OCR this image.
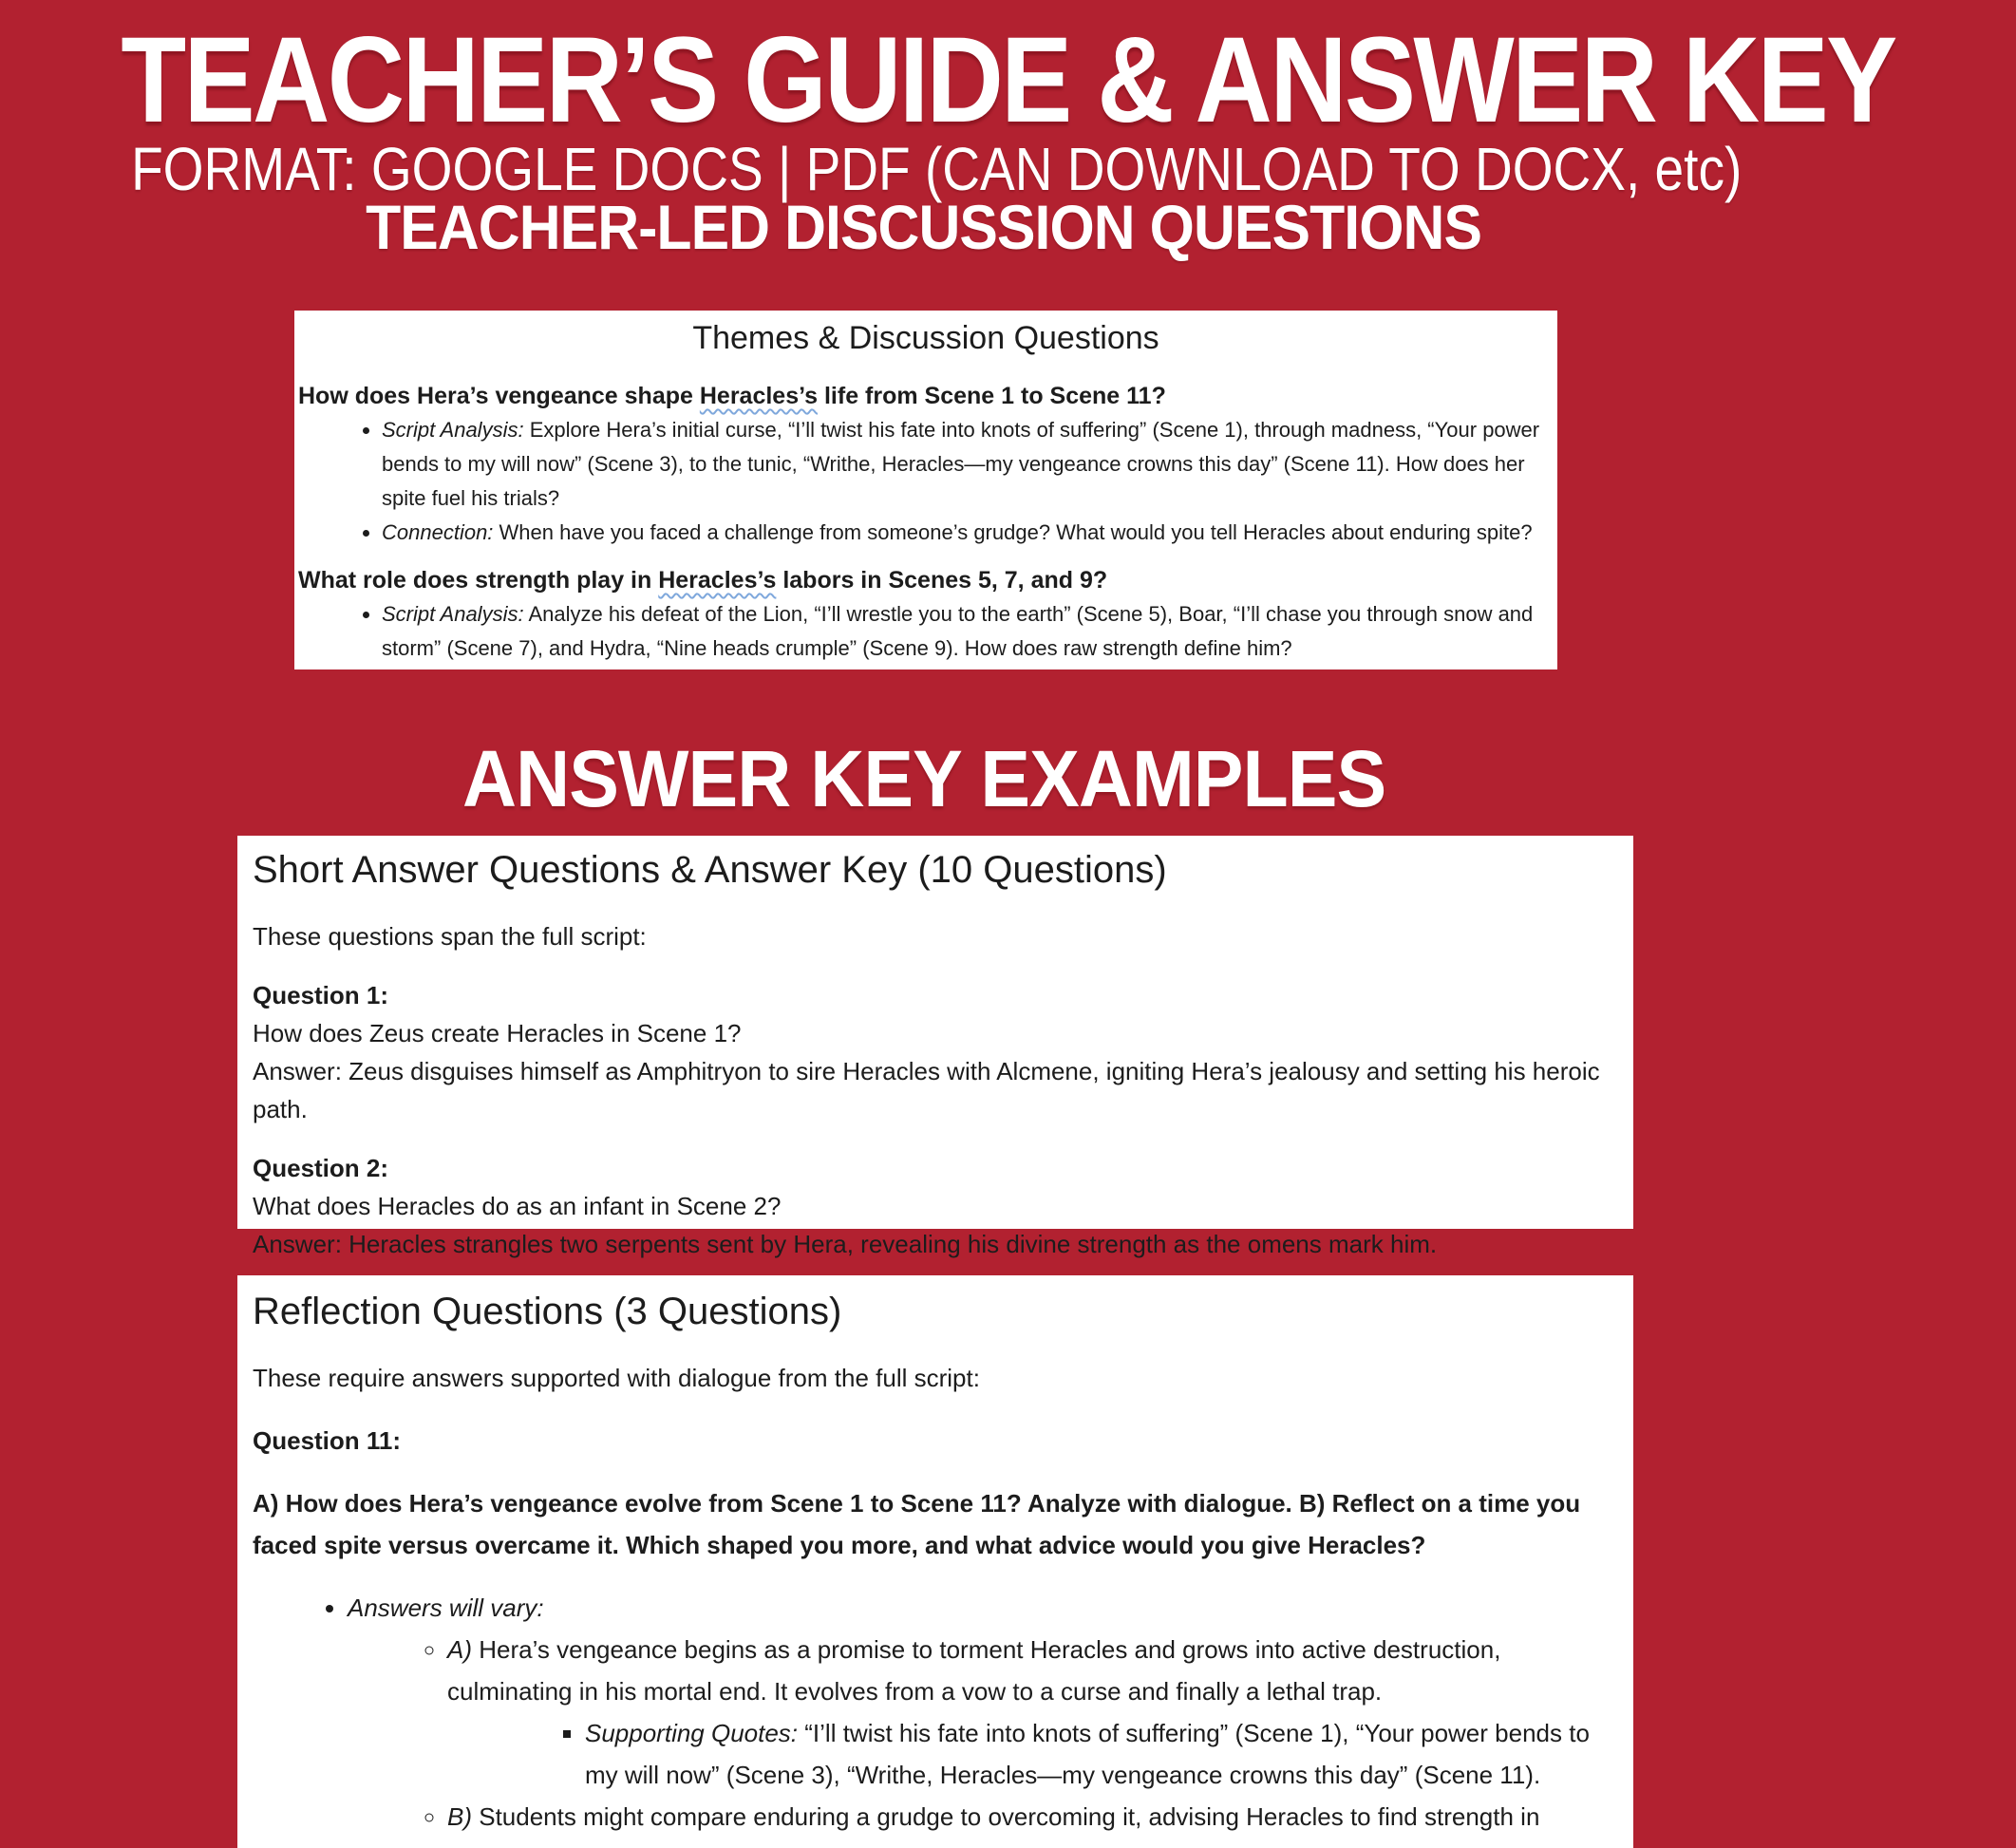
TEACHER’S GUIDE & ANSWER KEY
FORMAT: GOOGLE DOCS | PDF (CAN DOWNLOAD TO DOCX, etc)
TEACHER-LED DISCUSSION QUESTIONS
Themes & Discussion Questions
How does Hera’s vengeance shape Heracles’s life from Scene 1 to Scene 11?
• Script Analysis: Explore Hera’s initial curse, “I’ll twist his fate into knots of suffering” (Scene 1), through madness, “Your power bends to my will now” (Scene 3), to the tunic, “Writhe, Heracles—my vengeance crowns this day” (Scene 11). How does her spite fuel his trials?
• Connection: When have you faced a challenge from someone’s grudge? What would you tell Heracles about enduring spite?
What role does strength play in Heracles’s labors in Scenes 5, 7, and 9?
• Script Analysis: Analyze his defeat of the Lion, “I’ll wrestle you to the earth” (Scene 5), Boar, “I’ll chase you through snow and storm” (Scene 7), and Hydra, “Nine heads crumple” (Scene 9). How does raw strength define him?
ANSWER KEY EXAMPLES
Short Answer Questions & Answer Key (10 Questions)
These questions span the full script:
Question 1:
How does Zeus create Heracles in Scene 1?
Answer: Zeus disguises himself as Amphitryon to sire Heracles with Alcmene, igniting Hera’s jealousy and setting his heroic path.
Question 2:
What does Heracles do as an infant in Scene 2?
Answer: Heracles strangles two serpents sent by Hera, revealing his divine strength as the omens mark him.
Reflection Questions (3 Questions)
These require answers supported with dialogue from the full script:
Question 11:
A) How does Hera’s vengeance evolve from Scene 1 to Scene 11? Analyze with dialogue. B) Reflect on a time you faced spite versus overcame it. Which shaped you more, and what advice would you give Heracles?
• Answers will vary:
◦ A) Hera’s vengeance begins as a promise to torment Heracles and grows into active destruction, culminating in his mortal end. It evolves from a vow to a curse and finally a lethal trap.
▪ Supporting Quotes: “I’ll twist his fate into knots of suffering” (Scene 1), “Your power bends to my will now” (Scene 3), “Writhe, Heracles—my vengeance crowns this day” (Scene 11).
◦ B) Students might compare enduring a grudge to overcoming it, advising Heracles to find strength in
